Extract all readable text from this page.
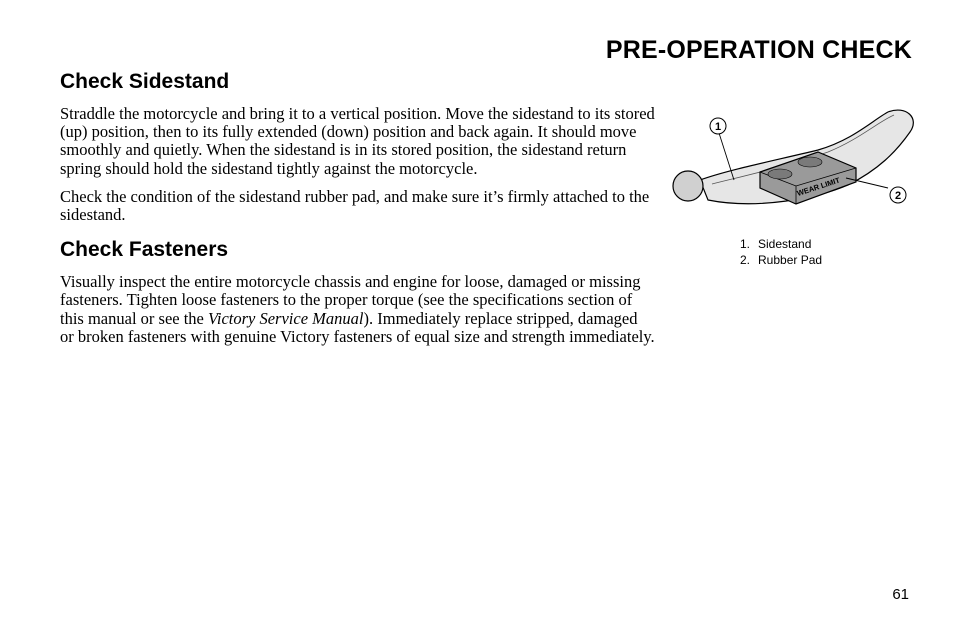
PRE-OPERATION CHECK
Check Sidestand

Straddle the motorcycle and bring it to a vertical position. Move the sidestand to its stored (up) position, then to its fully extended (down) position and back again. It should move smoothly and quietly. When the sidestand is in its stored position, the sidestand return spring should hold the sidestand tightly against the motorcycle.

Check the condition of the sidestand rubber pad, and make sure it’s firmly attached to the sidestand.

Check Fasteners

Visually inspect the entire motorcycle chassis and engine for loose, damaged or missing fasteners. Tighten loose fasteners to the proper torque (see the specifications section of this manual or see the Victory Service Manual). Immediately replace stripped, damaged or broken fasteners with genuine Victory fasteners of equal size and strength immediately.

WEAR LIMIT
1
2
1. Sidestand
2. Rubber Pad
61
